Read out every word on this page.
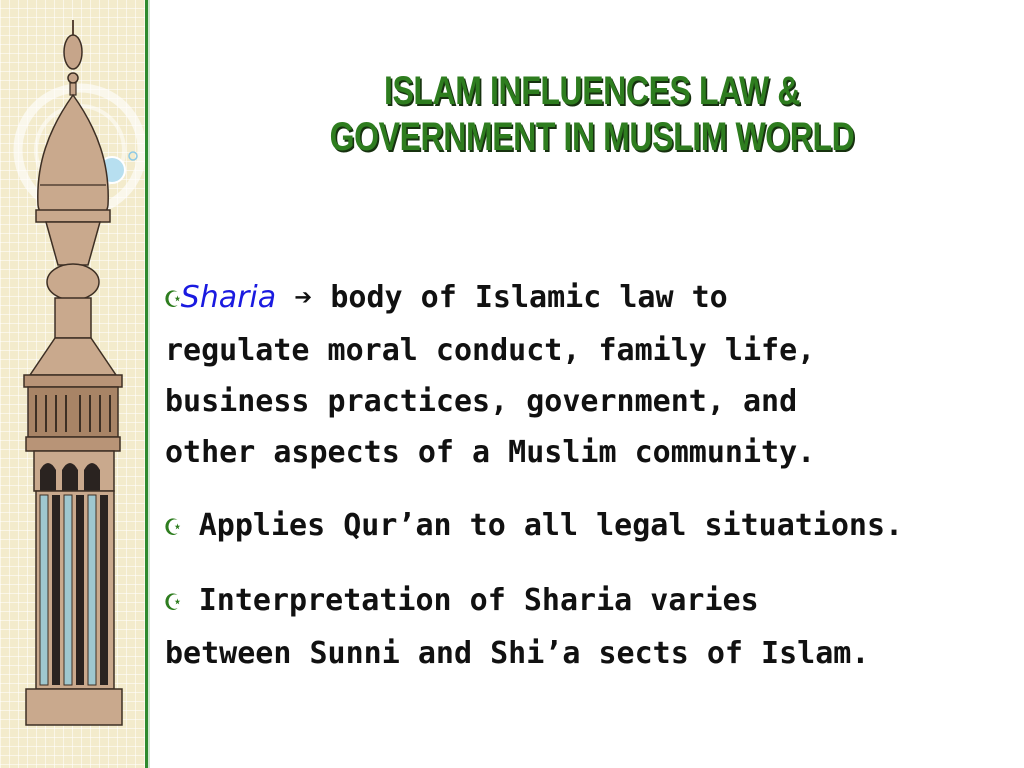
ISLAM INFLUENCES LAW &
GOVERNMENT IN MUSLIM WORLD
☪Sharia ➔ body of Islamic law to
regulate moral conduct, family life,
business practices, government, and
other aspects of a Muslim community.
☪ Applies Qur’an to all legal situations.
☪ Interpretation of Sharia varies
between Sunni and Shi’a sects of Islam.
